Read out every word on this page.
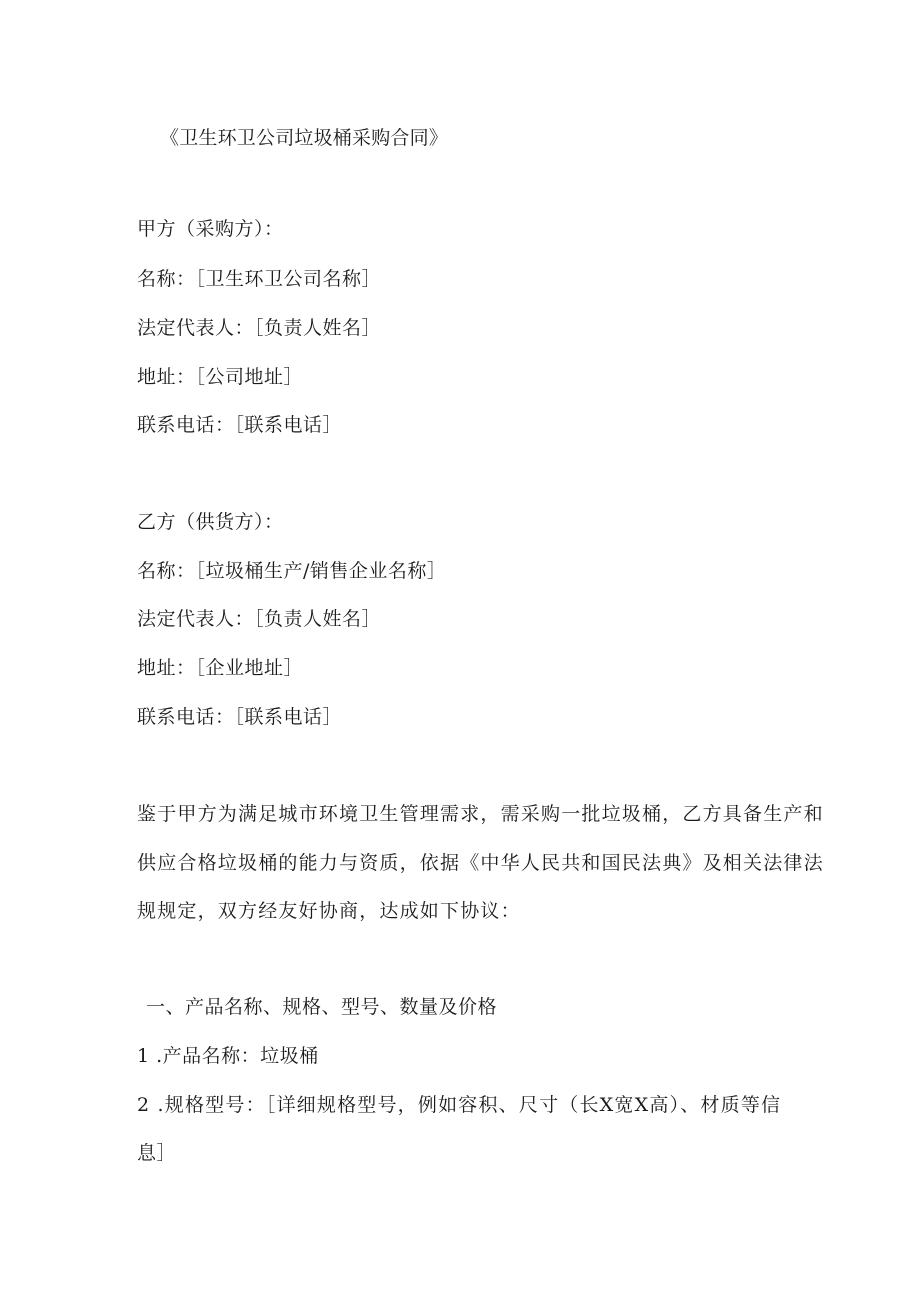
《卫生环卫公司垃圾桶采购合同》
甲方（采购方）：
名称：［卫生环卫公司名称］
法定代表人：［负责人姓名］
地址：［公司地址］
联系电话：［联系电话］
乙方（供货方）：
名称：［垃圾桶生产/销售企业名称］
法定代表人：［负责人姓名］
地址：［企业地址］
联系电话：［联系电话］
鉴于甲方为满足城市环境卫生管理需求，需采购一批垃圾桶，乙方具备生产和
供应合格垃圾桶的能力与资质，依据《中华人民共和国民法典》及相关法律法
规规定，双方经友好协商，达成如下协议：
一、产品名称、规格、型号、数量及价格
1 .产品名称：垃圾桶
2 .规格型号：［详细规格型号，例如容积、尺寸（长X宽X高）、材质等信
息］
